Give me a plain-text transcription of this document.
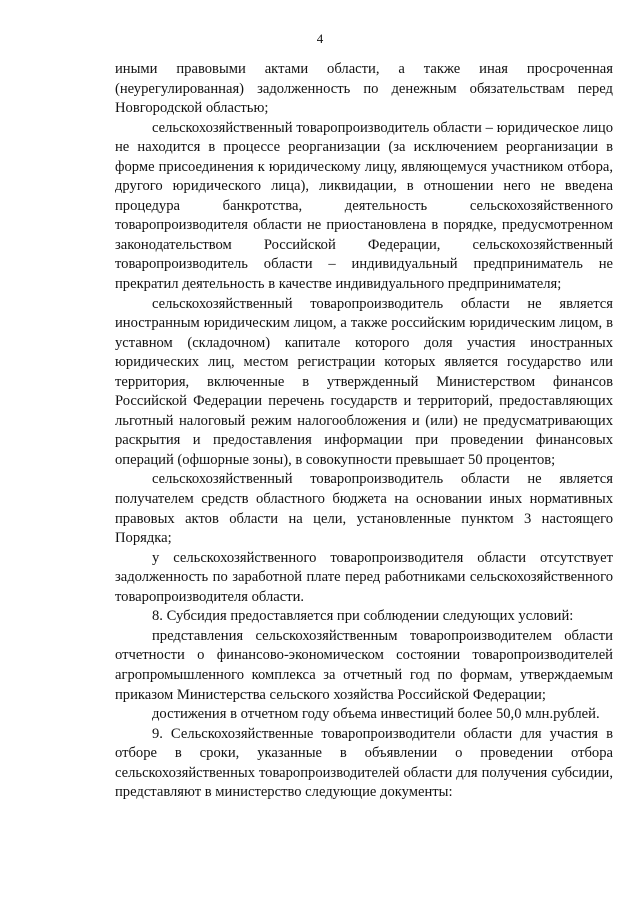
4

иными правовыми актами области, а также иная просроченная (неурегулированная) задолженность по денежным обязательствам перед Новгородской областью;

сельскохозяйственный товаропроизводитель области – юридическое лицо не находится в процессе реорганизации (за исключением реорганизации в форме присоединения к юридическому лицу, являющемуся участником отбора, другого юридического лица), ликвидации, в отношении него не введена процедура банкротства, деятельность сельскохозяйственного товаропроизводителя области не приостановлена в порядке, предусмотренном законодательством Российской Федерации, сельскохозяйственный товаропроизводитель области – индивидуальный предприниматель не прекратил деятельность в качестве индивидуального предпринимателя;

сельскохозяйственный товаропроизводитель области не является иностранным юридическим лицом, а также российским юридическим лицом, в уставном (складочном) капитале которого доля участия иностранных юридических лиц, местом регистрации которых является государство или территория, включенные в утвержденный Министерством финансов Российской Федерации перечень государств и территорий, предоставляющих льготный налоговый режим налогообложения и (или) не предусматривающих раскрытия и предоставления информации при проведении финансовых операций (офшорные зоны), в совокупности превышает 50 процентов;

сельскохозяйственный товаропроизводитель области не является получателем средств областного бюджета на основании иных нормативных правовых актов области на цели, установленные пунктом 3 настоящего Порядка;

у сельскохозяйственного товаропроизводителя области отсутствует задолженность по заработной плате перед работниками сельскохозяйственного товаропроизводителя области.

8. Субсидия предоставляется при соблюдении следующих условий:

представления сельскохозяйственным товаропроизводителем области отчетности о финансово-экономическом состоянии товаропроизводителей агропромышленного комплекса за отчетный год по формам, утверждаемым приказом Министерства сельского хозяйства Российской Федерации;

достижения в отчетном году объема инвестиций более 50,0 млн.рублей.

9. Сельскохозяйственные товаропроизводители области для участия в отборе в сроки, указанные в объявлении о проведении отбора сельскохозяйственных товаропроизводителей области для получения субсидии, представляют в министерство следующие документы:
